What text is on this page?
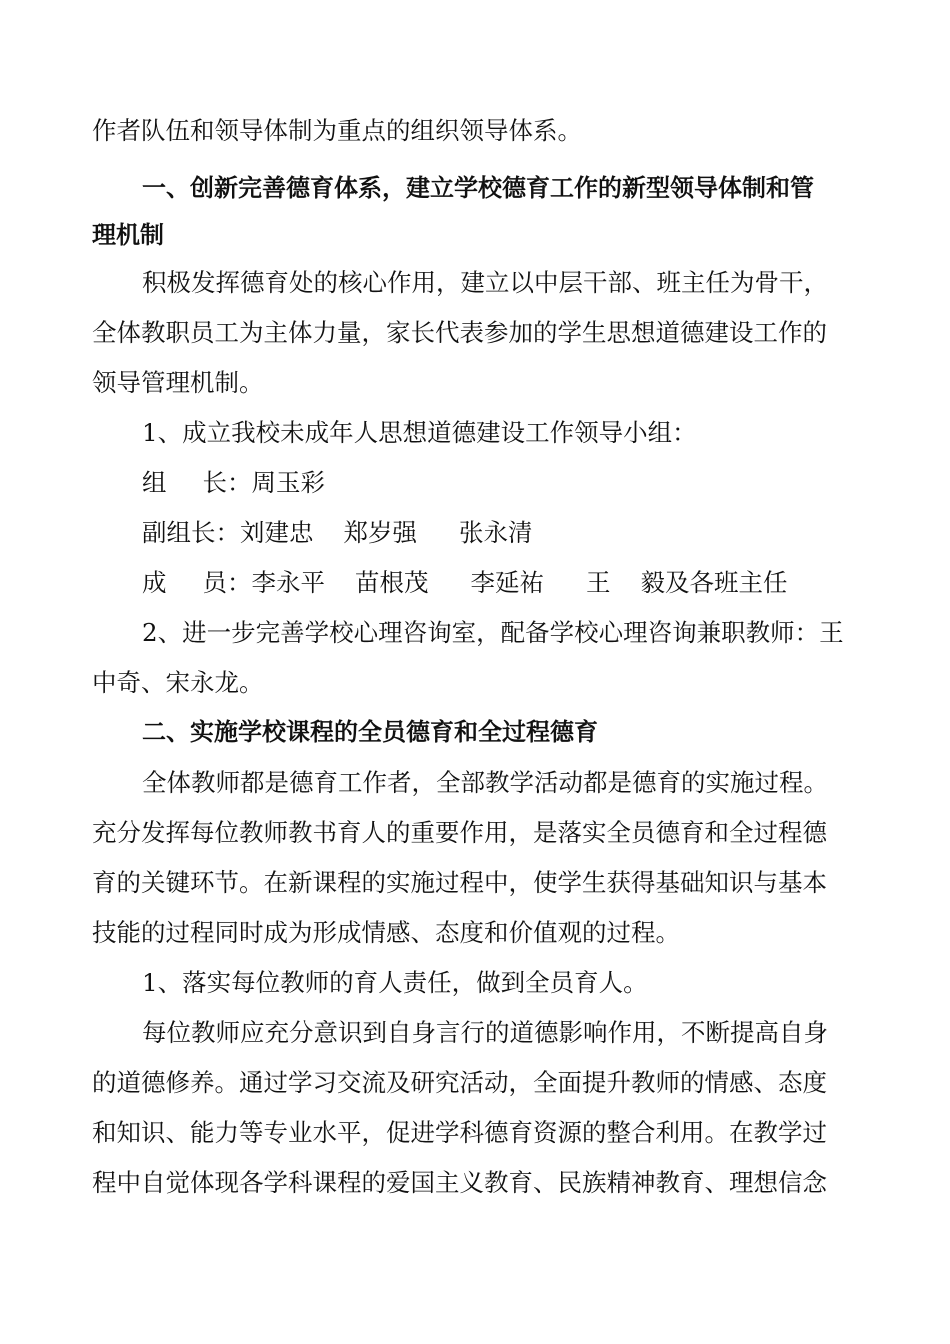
作者队伍和领导体制为重点的组织领导体系。
一、创新完善德育体系，建立学校德育工作的新型领导体制和管
理机制
积极发挥德育处的核心作用，建立以中层干部、班主任为骨干，
全体教职员工为主体力量，家长代表参加的学生思想道德建设工作的
领导管理机制。
1、成立我校未成年人思想道德建设工作领导小组：
组 长：周玉彩
副组长：刘建忠 郑岁强 张永清
成 员：李永平 苗根茂 李延祐 王 毅及各班主任
2、进一步完善学校心理咨询室，配备学校心理咨询兼职教师：王
中奇、宋永龙。
二、实施学校课程的全员德育和全过程德育
全体教师都是德育工作者，全部教学活动都是德育的实施过程。
充分发挥每位教师教书育人的重要作用，是落实全员德育和全过程德
育的关键环节。在新课程的实施过程中，使学生获得基础知识与基本
技能的过程同时成为形成情感、态度和价值观的过程。
1、落实每位教师的育人责任，做到全员育人。
每位教师应充分意识到自身言行的道德影响作用，不断提高自身
的道德修养。通过学习交流及研究活动，全面提升教师的情感、态度
和知识、能力等专业水平，促进学科德育资源的整合利用。在教学过
程中自觉体现各学科课程的爱国主义教育、民族精神教育、理想信念
